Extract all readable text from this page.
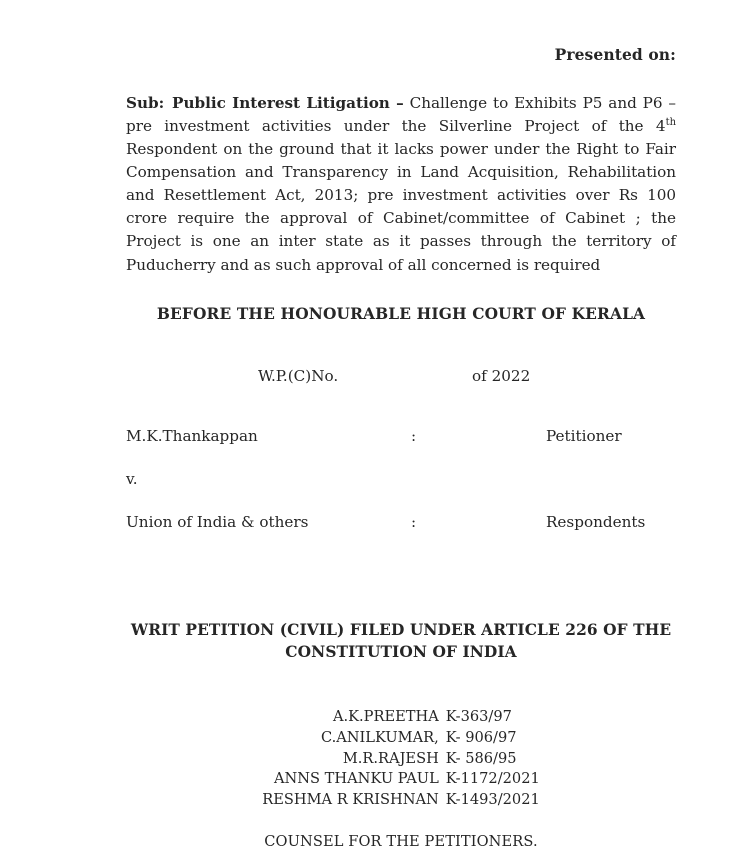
Presented on:

Sub: Public Interest Litigation – Challenge to Exhibits P5 and P6 – pre investment activities under the Silverline Project of the 4th Respondent on the ground that it lacks power under the Right to Fair Compensation and Transparency in Land Acquisition, Rehabilitation and Resettlement Act, 2013; pre investment activities over Rs 100 crore require the approval of Cabinet/committee of Cabinet ; the Project is one an inter state as it passes through the territory of Puducherry and as such approval of all concerned is required

BEFORE THE HONOURABLE HIGH COURT OF KERALA
W.P.(C)No.	of 2022
M.K.Thankappan	:	Petitioner
v.
Union of India & others	:	Respondents
WRIT PETITION (CIVIL) FILED UNDER ARTICLE 226 OF THE
CONSTITUTION OF INDIA
A.K.PREETHA	K-363/97
C.ANILKUMAR,	K- 906/97
M.R.RAJESH	K- 586/95
ANNS THANKU PAUL	K-1172/2021
RESHMA R KRISHNAN	K-1493/2021
COUNSEL FOR THE PETITIONERS.
